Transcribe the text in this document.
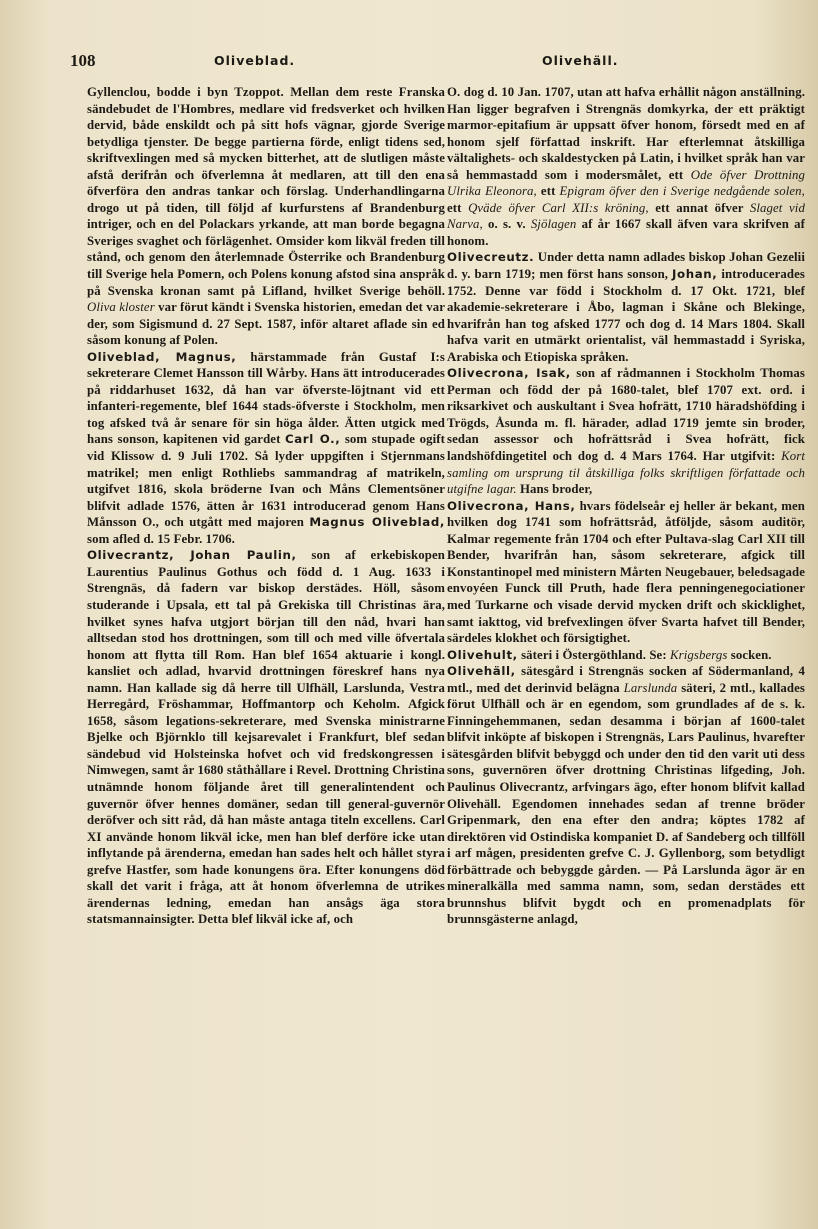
108	Oliveblad.	Olivehäll.

Gyllenclou, bodde i byn Tzoppot. Mellan dem reste Franska sändebudet de l'Hombres, medlare vid fredsverket och hvilken dervid, både enskildt och på sitt hofs vägnar, gjorde Sverige betydliga tjenster. De begge partierna förde, enligt tidens sed, skriftvexlingen med så mycken bitterhet, att de slutligen måste afstå derifrån och öfverlemna åt medlaren, att till den ena öfverföra den andras tankar och förslag. Underhandlingarna drogo ut på tiden, till följd af kurfurstens af Brandenburg intriger, och en del Polackars yrkande, att man borde begagna Sveriges svaghet och förlägenhet. Omsider kom likväl freden till stånd, och genom den återlemnade Österrike och Brandenburg till Sverige hela Pomern, och Polens konung afstod sina anspråk på Svenska kronan samt på Lifland, hvilket Sverige behöll. Oliva kloster var förut kändt i Svenska historien, emedan det var der, som Sigismund d. 27 Sept. 1587, inför altaret aflade sin ed såsom konung af Polen.

Oliveblad, Magnus, härstammade från Gustaf I:s sekreterare Clemet Hansson till Wårby. Hans ätt introducerades på riddarhuset 1632, då han var öfverste-löjtnant vid ett infanteri-regemente, blef 1644 stads-öfverste i Stockholm, men tog afsked två år senare för sin höga ålder. Ätten utgick med hans sonson, kapitenen vid gardet Carl O., som stupade ogift vid Klissow d. 9 Juli 1702. Så lyder uppgiften i Stjernmans matrikel; men enligt Rothliebs sammandrag af matrikeln, utgifvet 1816, skola bröderne Ivan och Måns Clementsöner blifvit adlade 1576, ätten år 1631 introducerad genom Hans Månsson O., och utgått med majoren Magnus Oliveblad, som afled d. 15 Febr. 1706.

Olivecrantz, Johan Paulin, son af erkebiskopen Laurentius Paulinus Gothus och född d. 1 Aug. 1633 i Strengnäs, då fadern var biskop derstädes. Höll, såsom studerande i Upsala, ett tal på Grekiska till Christinas ära, hvilket synes hafva utgjort början till den nåd, hvari han alltsedan stod hos drottningen, som till och med ville öfvertala honom att flytta till Rom. Han blef 1654 aktuarie i kongl. kansliet och adlad, hvarvid drottningen föreskref hans nya namn. Han kallade sig då herre till Ulfhäll, Larslunda, Vestra Herregård, Fröshammar, Hoffmantorp och Keholm. Afgick 1658, såsom legations-sekreterare, med Svenska ministrarne Bjelke och Björnklo till kejsarevalet i Frankfurt, blef sedan sändebud vid Holsteinska hofvet och vid fredskongressen i Nimwegen, samt år 1680 ståthållare i Revel. Drottning Christina utnämnde honom följande året till generalintendent och guvernör öfver hennes domäner, sedan till general-guvernör deröfver och sitt råd, då han måste antaga titeln excellens. Carl XI använde honom likväl icke, men han blef derföre icke utan inflytande på ärenderna, emedan han sades helt och hållet styra grefve Hastfer, som hade konungens öra. Efter konungens död skall det varit i fråga, att åt honom öfverlemna de utrikes ärendernas ledning, emedan han ansågs äga stora statsmannainsigter. Detta blef likväl icke af, och

O. dog d. 10 Jan. 1707, utan att hafva erhållit någon anställning. Han ligger begrafven i Strengnäs domkyrka, der ett präktigt marmor-epitafium är uppsatt öfver honom, försedt med en af honom sjelf författad inskrift. Har efterlemnat åtskilliga vältalighets- och skaldestycken på Latin, i hvilket språk han var så hemmastadd som i modersmålet, ett Ode öfver Drottning Ulrika Eleonora, ett Epigram öfver den i Sverige nedgående solen, ett Qväde öfver Carl XII:s kröning, ett annat öfver Slaget vid Narva, o. s. v. Sjölagen af år 1667 skall äfven vara skrifven af honom.

Olivecreutz. Under detta namn adlades biskop Johan Gezelii d. y. barn 1719; men först hans sonson, Johan, introducerades 1752. Denne var född i Stockholm d. 17 Okt. 1721, blef akademie-sekreterare i Åbo, lagman i Skåne och Blekinge, hvarifrån han tog afsked 1777 och dog d. 14 Mars 1804. Skall hafva varit en utmärkt orientalist, väl hemmastadd i Syriska, Arabiska och Etiopiska språken.

Olivecrona, Isak, son af rådmannen i Stockholm Thomas Perman och född der på 1680-talet, blef 1707 ext. ord. i riksarkivet och auskultant i Svea hofrätt, 1710 häradshöfding i Trögds, Åsunda m. fl. härader, adlad 1719 jemte sin broder, sedan assessor och hofrättsråd i Svea hofrätt, fick landshöfdingetitel och dog d. 4 Mars 1764. Har utgifvit: Kort samling om ursprung til åtskilliga folks skriftligen författade och utgifne lagar. Hans broder,

Olivecrona, Hans, hvars födelseår ej heller är bekant, men hvilken dog 1741 som hofrättsråd, åtföljde, såsom auditör, Kalmar regemente från 1704 och efter Pultava-slag Carl XII till Bender, hvarifrån han, såsom sekreterare, afgick till Konstantinopel med ministern Mårten Neugebauer, beledsagade envoyéen Funck till Pruth, hade flera penningenegociationer med Turkarne och visade dervid mycken drift och skicklighet, samt iakttog, vid brefvexlingen öfver Svarta hafvet till Bender, särdeles klokhet och försigtighet.

Olivehult, säteri i Östergöthland. Se: Krigsbergs socken.

Olivehäll, sätesgård i Strengnäs socken af Södermanland, 4 mtl., med det derinvid belägna Larslunda säteri, 2 mtl., kallades förut Ulfhäll och är en egendom, som grundlades af de s. k. Finningehemmanen, sedan desamma i början af 1600-talet blifvit inköpte af biskopen i Strengnäs, Lars Paulinus, hvarefter sätesgården blifvit bebyggd och under den tid den varit uti dess sons, guvernören öfver drottning Christinas lifgeding, Joh. Paulinus Olivecrantz, arfvingars ägo, efter honom blifvit kallad Olivehäll. Egendomen innehades sedan af trenne bröder Gripenmark, den ena efter den andra; köptes 1782 af direktören vid Ostindiska kompaniet D. af Sandeberg och tillföll i arf mågen, presidenten grefve C. J. Gyllenborg, som betydligt förbättrade och bebyggde gården. — På Larslunda ägor är en mineralkälla med samma namn, som, sedan derstädes ett brunnshus blifvit bygdt och en promenadplats för brunnsgästerne anlagd,
